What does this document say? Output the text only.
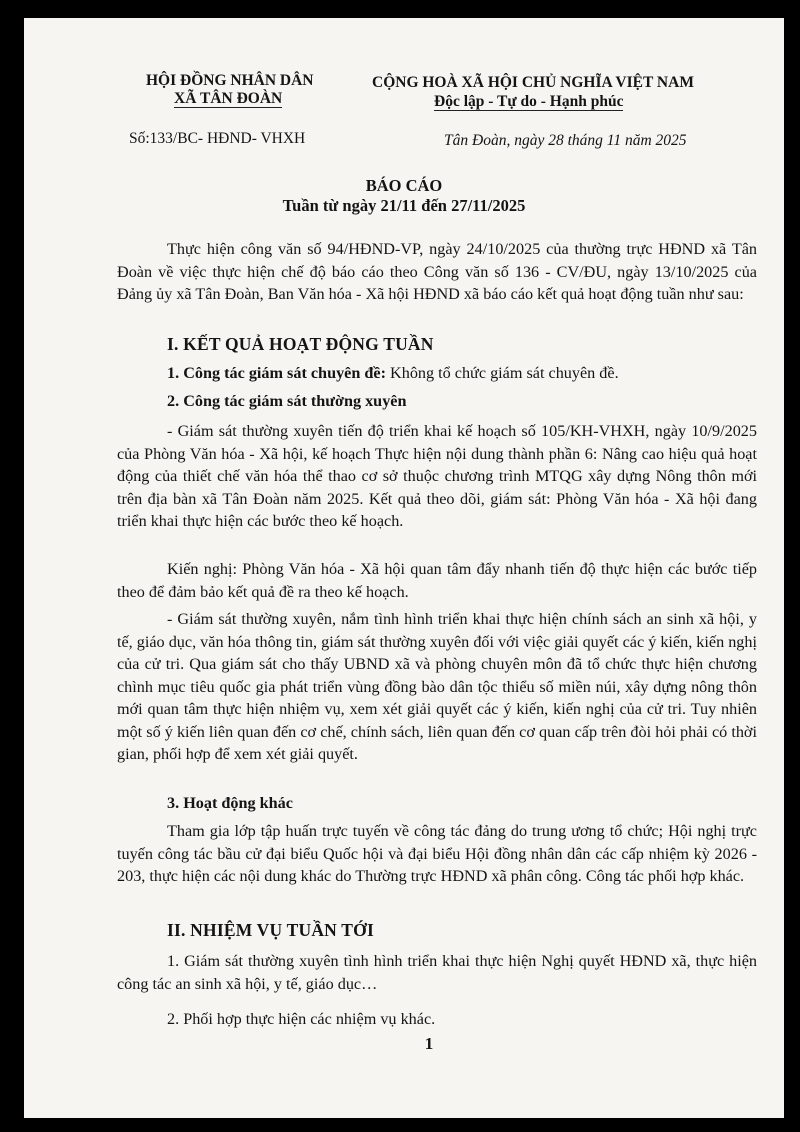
HỘI ĐỒNG NHÂN DÂN
XÃ TÂN ĐOÀN
CỘNG HOÀ XÃ HỘI CHỦ NGHĨA VIỆT NAM
Độc lập - Tự do - Hạnh phúc
Số:133/BC- HĐND- VHXH	Tân Đoàn, ngày 28 tháng 11 năm 2025
BÁO CÁO
Tuần từ ngày 21/11 đến 27/11/2025
Thực hiện công văn số 94/HĐND-VP, ngày 24/10/2025 của thường trực HĐND xã Tân Đoàn về việc thực hiện chế độ báo cáo theo Công văn số 136 - CV/ĐU, ngày 13/10/2025 của Đảng ủy xã Tân Đoàn, Ban Văn hóa - Xã hội HĐND xã báo cáo kết quả hoạt động tuần như sau:
I. KẾT QUẢ HOẠT ĐỘNG TUẦN
1. Công tác giám sát chuyên đề: Không tổ chức giám sát chuyên đề.
2. Công tác giám sát thường xuyên
- Giám sát thường xuyên tiến độ triển khai kế hoạch số 105/KH-VHXH, ngày 10/9/2025 của Phòng Văn hóa - Xã hội, kế hoạch Thực hiện nội dung thành phần 6: Nâng cao hiệu quả hoạt động của thiết chế văn hóa thể thao cơ sở thuộc chương trình MTQG xây dựng Nông thôn mới trên địa bàn xã Tân Đoàn năm 2025. Kết quả theo dõi, giám sát: Phòng Văn hóa - Xã hội đang triển khai thực hiện các bước theo kế hoạch.
Kiến nghị: Phòng Văn hóa - Xã hội quan tâm đẩy nhanh tiến độ thực hiện các bước tiếp theo để đảm bảo kết quả đề ra theo kế hoạch.
- Giám sát thường xuyên, nắm tình hình triển khai thực hiện chính sách an sinh xã hội, y tế, giáo dục, văn hóa thông tin, giám sát thường xuyên đối với việc giải quyết các ý kiến, kiến nghị của cử tri. Qua giám sát cho thấy UBND xã và phòng chuyên môn đã tổ chức thực hiện chương chình mục tiêu quốc gia phát triển vùng đồng bào dân tộc thiểu số miền núi, xây dựng nông thôn mới quan tâm thực hiện nhiệm vụ, xem xét giải quyết các ý kiến, kiến nghị của cử tri. Tuy nhiên một số ý kiến liên quan đến cơ chế, chính sách, liên quan đến cơ quan cấp trên đòi hỏi phải có thời gian, phối hợp để xem xét giải quyết.
3. Hoạt động khác
Tham gia lớp tập huấn trực tuyến về công tác đảng do trung ương tổ chức; Hội nghị trực tuyến công tác bầu cử đại biểu Quốc hội và đại biểu Hội đồng nhân dân các cấp nhiệm kỳ 2026 - 203, thực hiện các nội dung khác do Thường trực HĐND xã phân công. Công tác phối hợp khác.
II. NHIỆM VỤ TUẦN TỚI
1. Giám sát thường xuyên tình hình triển khai thực hiện Nghị quyết HĐND xã, thực hiện công tác an sinh xã hội, y tế, giáo dục…
2. Phối hợp thực hiện các nhiệm vụ khác.
1
